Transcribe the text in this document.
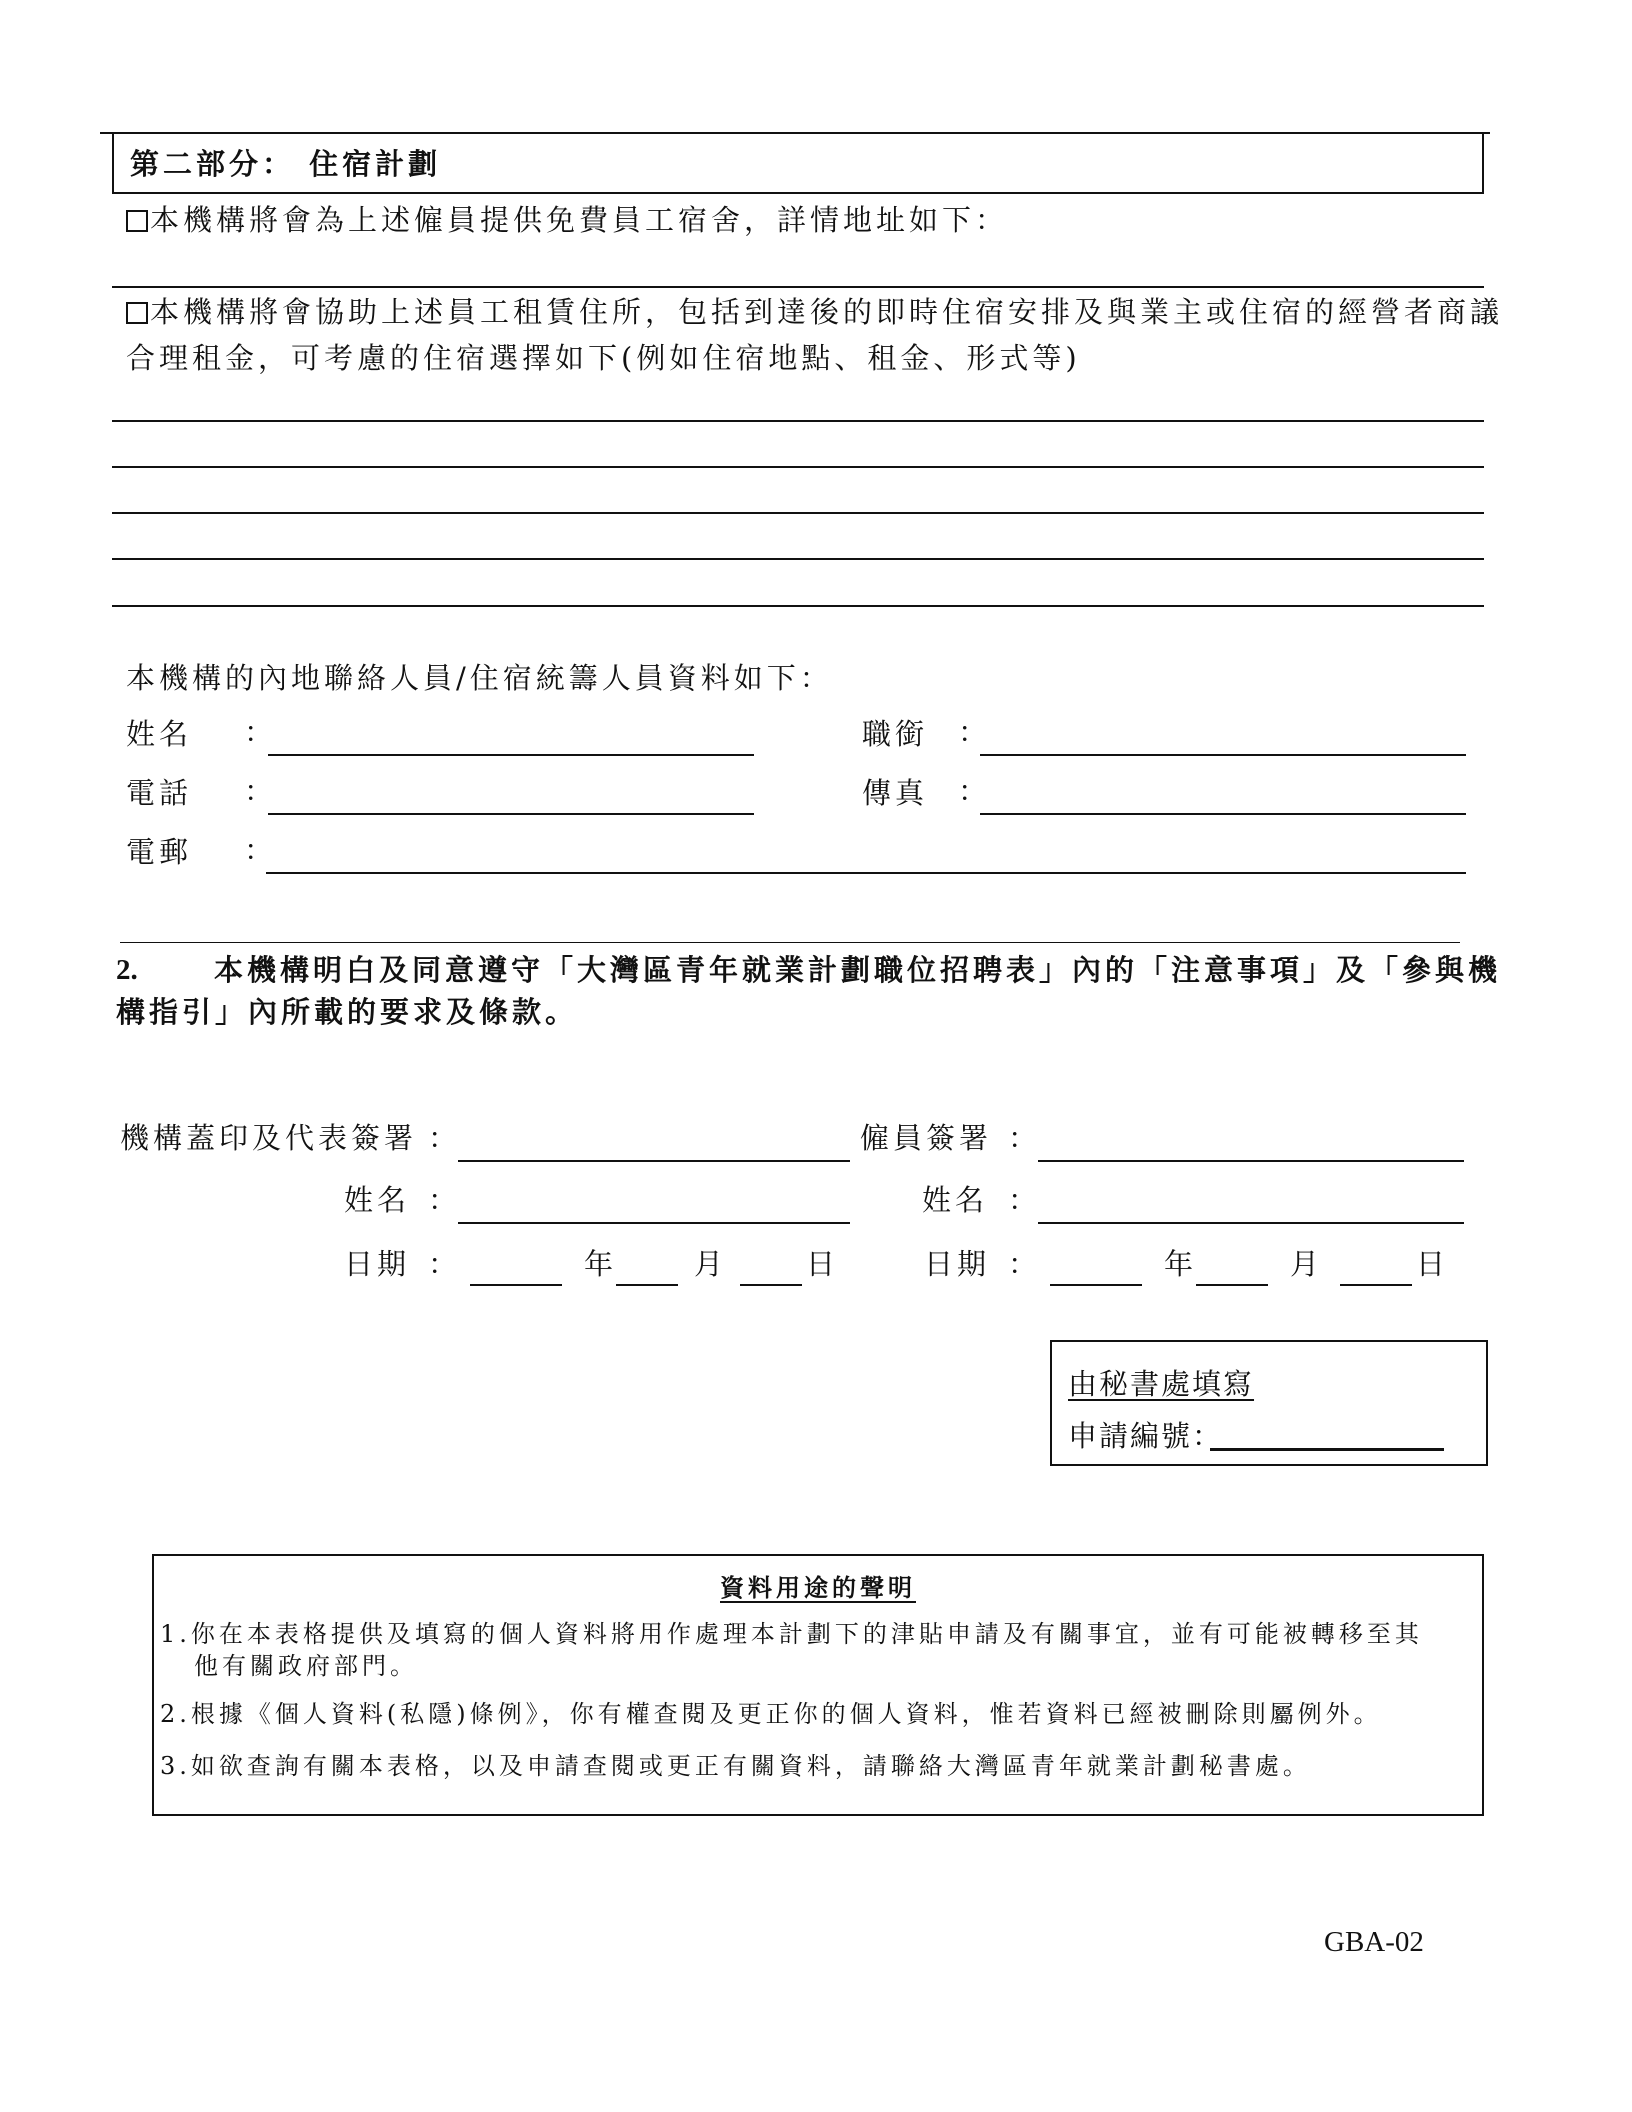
第二部分： 住宿計劃
本機構將會為上述僱員提供免費員工宿舍，詳情地址如下：
本機構將會協助上述員工租賃住所，包括到達後的即時住宿安排及與業主或住宿的經營者商議
合理租金，可考慮的住宿選擇如下(例如住宿地點、租金、形式等)
本機構的內地聯絡人員/住宿統籌人員資料如下：
姓名 ：	職銜 ：
電話 ：	傳真 ：
電郵 ：
2.	本機構明白及同意遵守「大灣區青年就業計劃職位招聘表」內的「注意事項」及「參與機
構指引」內所載的要求及條款。
機構蓋印及代表簽署 ：	僱員簽署 ：
姓名 ：	姓名 ：
日期 ：	年	月	日	日期 ：	年	月	日
由秘書處填寫
申請編號：
資料用途的聲明
1.你在本表格提供及填寫的個人資料將用作處理本計劃下的津貼申請及有關事宜，並有可能被轉移至其
他有關政府部門。
2.根據《個人資料(私隱)條例》，你有權查閱及更正你的個人資料，惟若資料已經被刪除則屬例外。
3.如欲查詢有關本表格，以及申請查閱或更正有關資料，請聯絡大灣區青年就業計劃秘書處。
GBA-02
